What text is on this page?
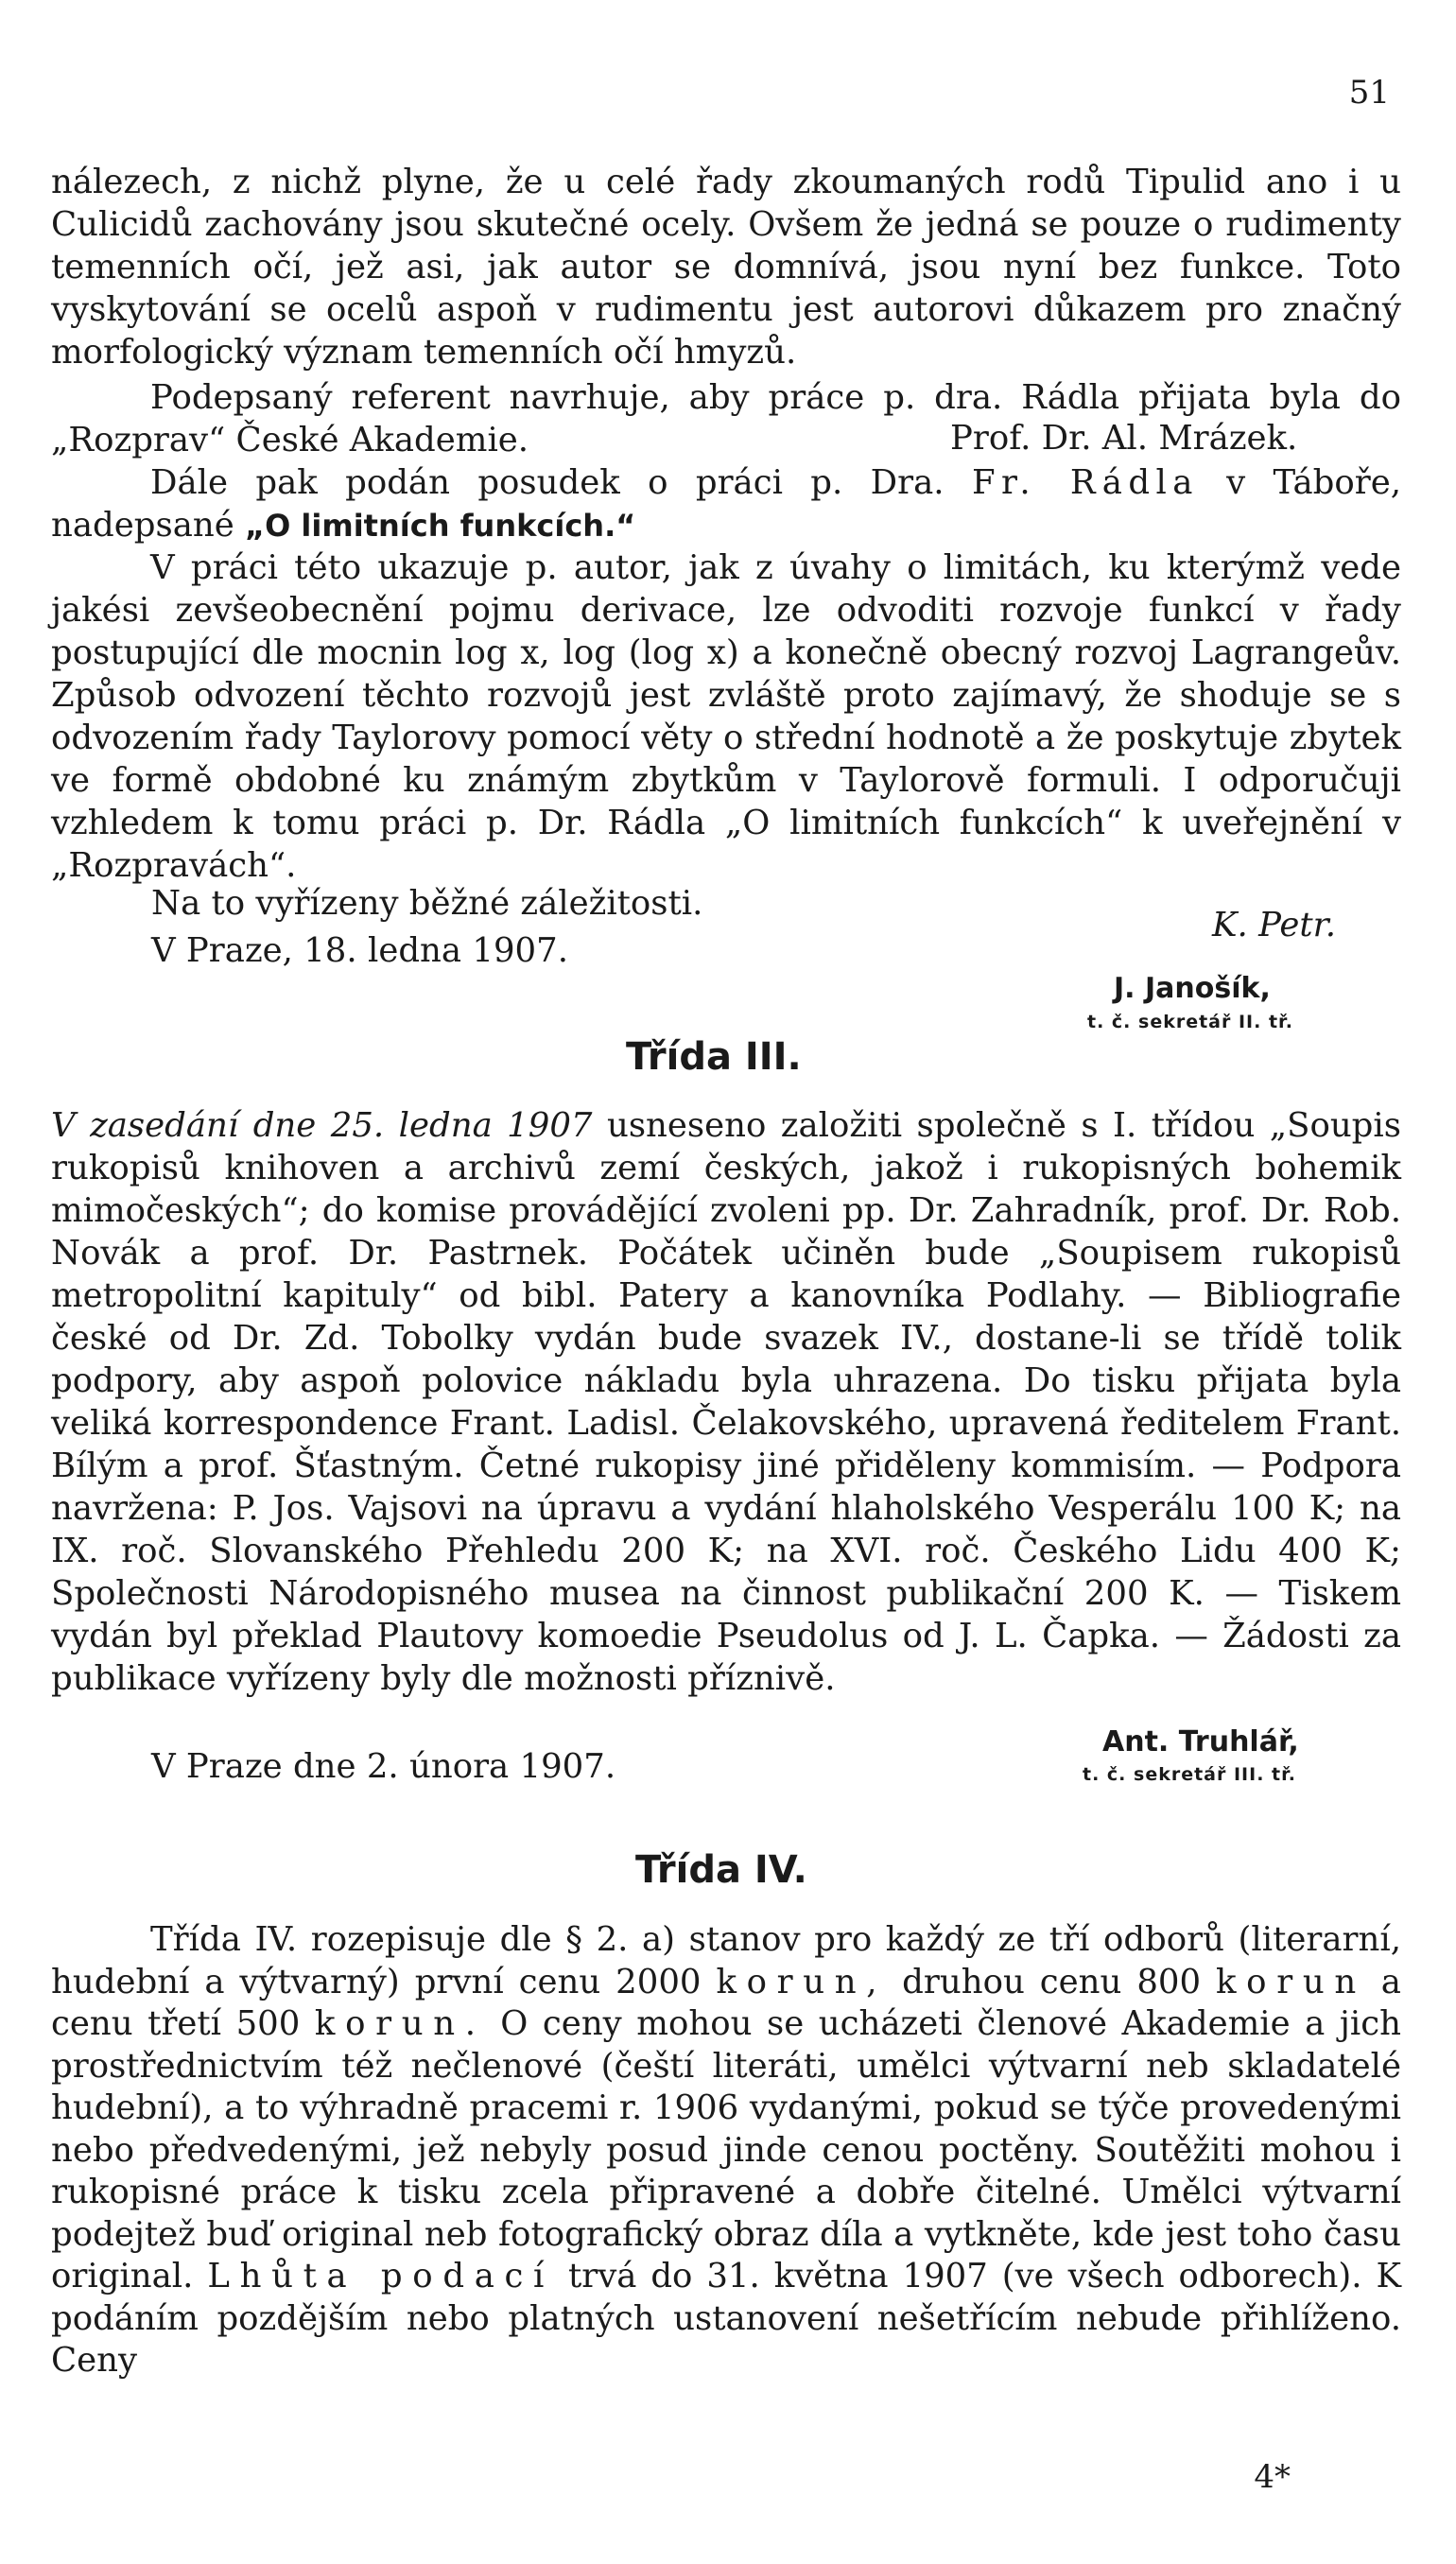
51

nálezech, z nichž plyne, že u celé řady zkoumaných rodů Tipulid ano i u Culicidů zachovány jsou skutečné ocely. Ovšem že jedná se pouze o rudimenty temenních očí, jež asi, jak autor se domnívá, jsou nyní bez funkce. Toto vyskytování se ocelů aspoň v rudimentu jest autorovi důkazem pro značný morfologický význam temenních očí hmyzů.

Podepsaný referent navrhuje, aby práce p. dra. Rádla přijata byla do „Rozprav“ České Akademie.	Prof. Dr. Al. Mrázek.
Dále pak podán posudek o práci p. Dra. Fr. Rádla v Táboře, nadepsané „O limitních funkcích.“

V práci této ukazuje p. autor, jak z úvahy o limitách, ku kterýmž vede jakési zevšeobecnění pojmu derivace, lze odvoditi rozvoje funkcí v řady postupující dle mocnin log x, log (log x) a konečně obecný rozvoj Lagrangeův. Způsob odvození těchto rozvojů jest zvláště proto zajímavý, že shoduje se s odvozením řady Taylorovy pomocí věty o střední hodnotě a že poskytuje zbytek ve formě obdobné ku známým zbytkům v Taylorově formuli. I odporučuji vzhledem k tomu práci p. Dr. Rádla „O limitních funkcích“ k uveřejnění v „Rozpravách“.

K. Petr.
Na to vyřízeny běžné záležitosti.
V Praze, 18. ledna 1907.
J. Janošík,
t. č. sekretář II. tř.
Třída III.
V zasedání dne 25. ledna 1907 usneseno založiti společně s I. třídou „Soupis rukopisů knihoven a archivů zemí českých, jakož i rukopisných bohemik mimočeských“; do komise provádějící zvoleni pp. Dr. Zahradník, prof. Dr. Rob. Novák a prof. Dr. Pastrnek. Počátek učiněn bude „Soupisem rukopisů metropolitní kapituly“ od bibl. Patery a kanovníka Podlahy. — Bibliografie české od Dr. Zd. Tobolky vydán bude svazek IV., dostane-li se třídě tolik podpory, aby aspoň polovice nákladu byla uhrazena. Do tisku přijata byla veliká korrespondence Frant. Ladisl. Čelakovského, upravená ředitelem Frant. Bílým a prof. Šťastným. Četné rukopisy jiné přiděleny kommisím. — Podpora navržena: P. Jos. Vajsovi na úpravu a vydání hlaholského Vesperálu 100 K; na IX. roč. Slovanského Přehledu 200 K; na XVI. roč. Českého Lidu 400 K; Společnosti Národopisného musea na činnost publikační 200 K. — Tiskem vydán byl překlad Plautovy komoedie Pseudolus od J. L. Čapka. — Žádosti za publikace vyřízeny byly dle možnosti příznivě.
V Praze dne 2. února 1907.
Ant. Truhlář,
t. č. sekretář III. tř.
Třída IV.
Třída IV. rozepisuje dle § 2. a) stanov pro každý ze tří odborů (literarní, hudební a výtvarný) první cenu 2000 korun, druhou cenu 800 korun a cenu třetí 500 korun. O ceny mohou se ucházeti členové Akademie a jich prostřednictvím též nečlenové (čeští literáti, umělci výtvarní neb skladatelé hudební), a to výhradně pracemi r. 1906 vydanými, pokud se týče provedenými nebo předvedenými, jež nebyly posud jinde cenou poctěny. Soutěžiti mohou i rukopisné práce k tisku zcela připravené a dobře čitelné. Umělci výtvarní podejtež buď original neb fotografický obraz díla a vytkněte, kde jest toho času original. Lhůta podací trvá do 31. května 1907 (ve všech odborech). K podáním pozdějším nebo platných ustanovení nešetřícím nebude přihlíženo. Ceny
4*
